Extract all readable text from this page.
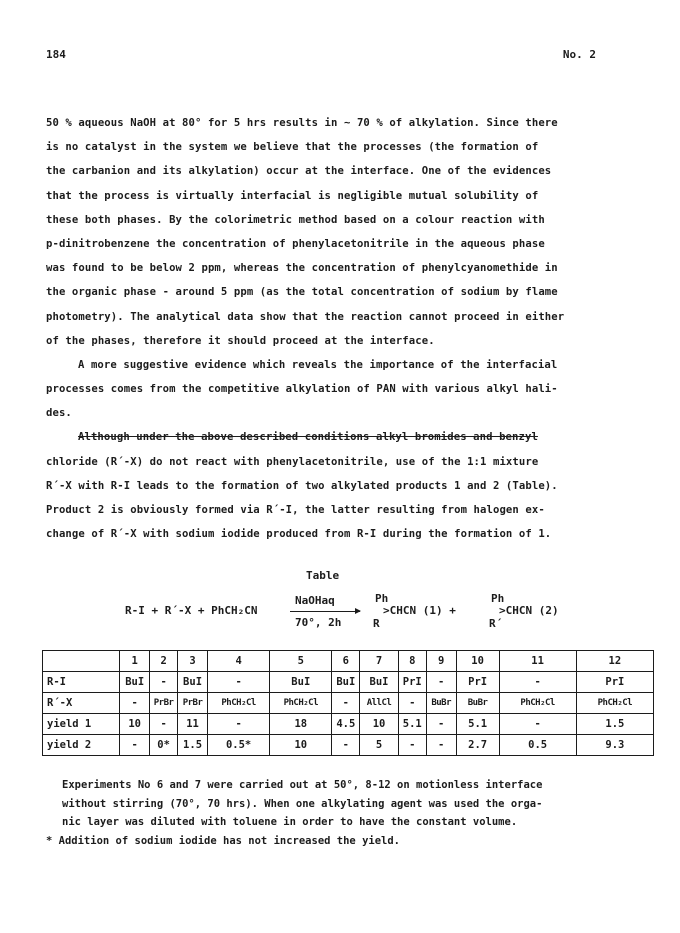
184	No. 2
50 % aqueous NaOH at 80° for 5 hrs results in ~ 70 % of alkylation. Since there
is no catalyst in the system we believe that the processes (the formation of
the carbanion and its alkylation) occur at the interface. One of the evidences
that the process is virtually interfacial is negligible mutual solubility of
these both phases. By the colorimetric method based on a colour reaction with
p-dinitrobenzene the concentration of phenylacetonitrile in the aqueous phase
was found to be below 2 ppm, whereas the concentration of phenylcyanomethide in
the organic phase - around 5 ppm (as the total concentration of sodium by flame
photometry). The analytical data show that the reaction cannot proceed in either
of the phases, therefore it should proceed at the interface.
A more suggestive evidence which reveals the importance of the interfacial
processes comes from the competitive alkylation of PAN with various alkyl hali-
des.
Although under the above described conditions alkyl bromides and benzyl
chloride (R´-X) do not react with phenylacetonitrile, use of the 1:1 mixture
R´-X with R-I leads to the formation of two alkylated products 1 and 2 (Table).
Product 2 is obviously formed via R´-I, the latter resulting from halogen ex-
change of R´-X with sodium iodide produced from R-I during the formation of 1.
Table
R-I + R´-X + PhCH₂CN
NaOHaq
70°, 2h
Ph
R
>CHCN (1) +
Ph
R´
>CHCN (2)
	1	2	3	4	5	6	7	8	9	10	11	12
R-I	BuI	-	BuI	-	BuI	BuI	BuI	PrI	-	PrI	-	PrI
R´-X	-	PrBr	PrBr	PhCH₂Cl	PhCH₂Cl	-	AllCl	-	BuBr	BuBr	PhCH₂Cl	PhCH₂Cl
yield 1	10	-	11	-	18	4.5	10	5.1	-	5.1	-	1.5
yield 2	-	0*	1.5	0.5*	10	-	5	-	-	2.7	0.5	9.3
Experiments No 6 and 7 were carried out at 50°, 8-12 on motionless interface
without stirring (70°, 70 hrs). When one alkylating agent was used the orga-
nic layer was diluted with toluene in order to have the constant volume.
* Addition of sodium iodide has not increased the yield.
